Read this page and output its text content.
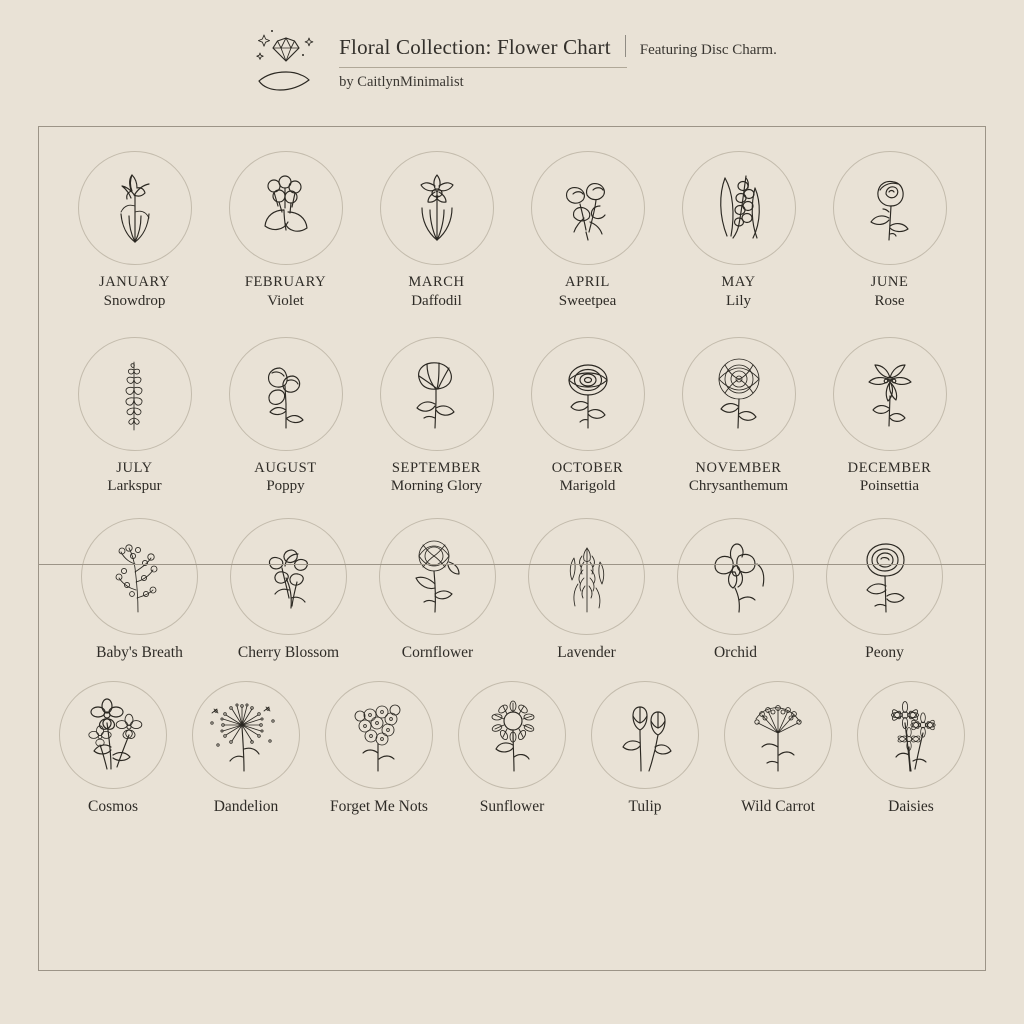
Floral Collection: Flower Chart Featuring Disc Charm.
by CaitlynMinimalist
JANUARY
Snowdrop
FEBRUARY
Violet
MARCH
Daffodil
APRIL
Sweetpea
MAY
Lily
JUNE
Rose
JULY
Larkspur
AUGUST
Poppy
SEPTEMBER
Morning Glory
OCTOBER
Marigold
NOVEMBER
Chrysanthemum
DECEMBER
Poinsettia
Baby's Breath	Cherry Blossom	Cornflower	Lavender	Orchid	Peony
Cosmos	Dandelion	Forget Me Nots	Sunflower	Tulip	Wild Carrot	Daisies
